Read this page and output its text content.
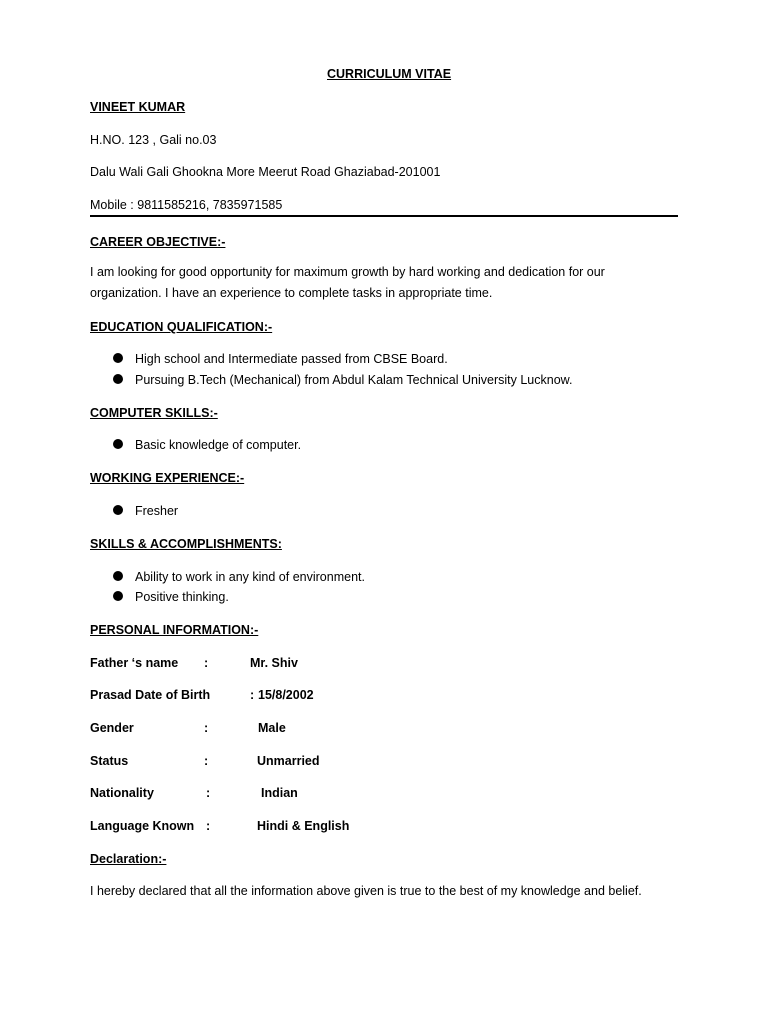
CURRICULUM VITAE
VINEET KUMAR
H.NO. 123 , Gali no.03
Dalu Wali Gali Ghookna More Meerut Road Ghaziabad-201001
Mobile : 9811585216, 7835971585
CAREER OBJECTIVE:-
I am looking for good opportunity for maximum growth by hard working and dedication for our organization. I have an experience to complete tasks in appropriate time.
EDUCATION QUALIFICATION:-
High school and Intermediate passed from CBSE Board.
Pursuing B.Tech (Mechanical) from Abdul Kalam Technical University Lucknow.
COMPUTER SKILLS:-
Basic knowledge of computer.
WORKING EXPERIENCE:-
Fresher
SKILLS & ACCOMPLISHMENTS:
Ability to work in any kind of environment.
Positive thinking.
PERSONAL INFORMATION:-
Father ‘s name :	Mr. Shiv
Prasad Date of Birth	: 15/8/2002
Gender	:	Male
Status	:	Unmarried
Nationality	:	Indian
Language Known :	Hindi & English
Declaration:-
I hereby declared that all the information above given is true to the best of my knowledge and belief.
